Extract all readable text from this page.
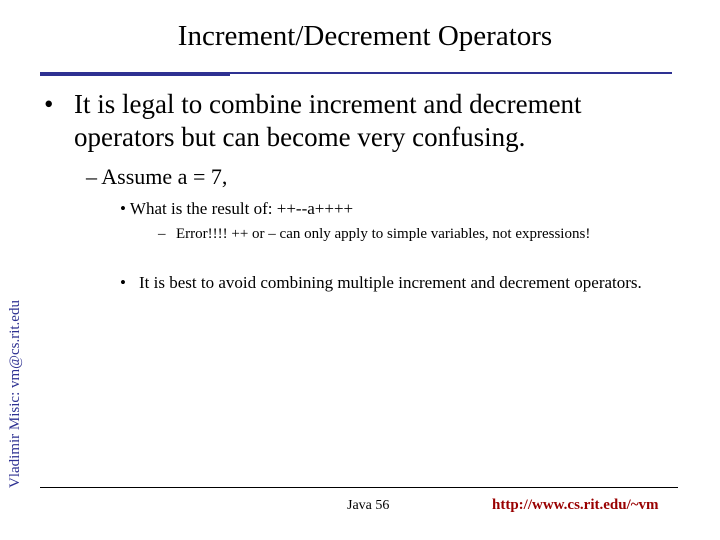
Increment/Decrement Operators
Vladimir Misic: vm@cs.rit.edu
• It is legal to combine increment and decrement operators but can become very confusing.
– Assume a = 7,
• What is the result of: ++--a++++
– Error!!!! ++ or – can only apply to simple variables, not expressions!
• It is best to avoid combining multiple increment and decrement operators.
Java 56	http://www.cs.rit.edu/~vm
